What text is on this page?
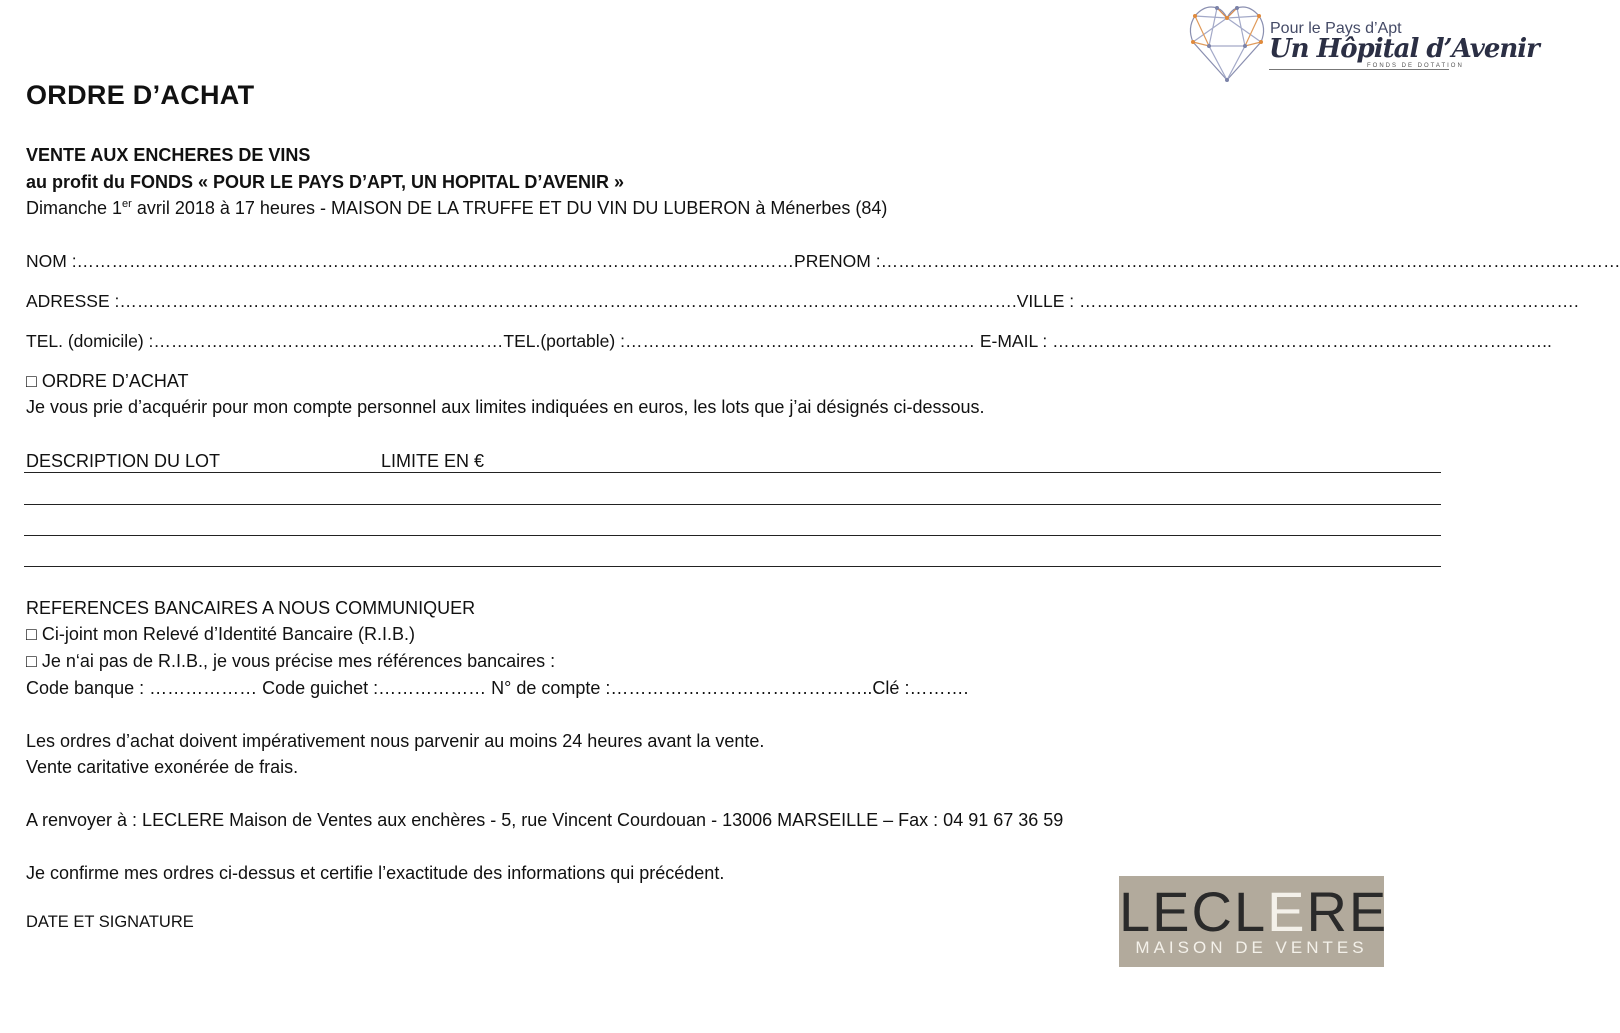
Pour le Pays d’Apt
Un Hôpital d’Avenir
FONDS DE DOTATION
ORDRE D’ACHAT
VENTE AUX ENCHERES DE VINS
au profit du FONDS « POUR LE PAYS D’APT, UN HOPITAL D’AVENIR »
Dimanche 1er avril 2018 à 17 heures - MAISON DE LA TRUFFE ET DU VIN DU LUBERON à Ménerbes (84)
NOM :……………………………………………………………………………………………………………PRENOM :…………………………………………………………………………………………………….…………
ADRESSE :……………………………………………………………………………………………………………………………………….VILLE : ………………….……………………………………………………….
TEL. (domicile) :……………………………………………………TEL.(portable) :…………………………………………………… E-MAIL : …………………………………………………………………………..
□ ORDRE D’ACHAT
Je vous prie d’acquérir pour mon compte personnel aux limites indiquées en euros, les lots que j’ai désignés ci-dessous.
DESCRIPTION DU LOT	LIMITE EN €
REFERENCES BANCAIRES A NOUS COMMUNIQUER
□ Ci-joint mon Relevé d’Identité Bancaire (R.I.B.)
□ Je n‘ai pas de R.I.B., je vous précise mes références bancaires :
Code banque : ……………… Code guichet :……………… N° de compte :……………………………………..Clé :……….
Les ordres d’achat doivent impérativement nous parvenir au moins 24 heures avant la vente.
Vente caritative exonérée de frais.
A renvoyer à : LECLERE Maison de Ventes aux enchères - 5, rue Vincent Courdouan - 13006 MARSEILLE – Fax : 04 91 67 36 59
Je confirme mes ordres ci-dessus et certifie l’exactitude des informations qui précédent.
DATE ET SIGNATURE	LECLERE
MAISON DE VENTES
